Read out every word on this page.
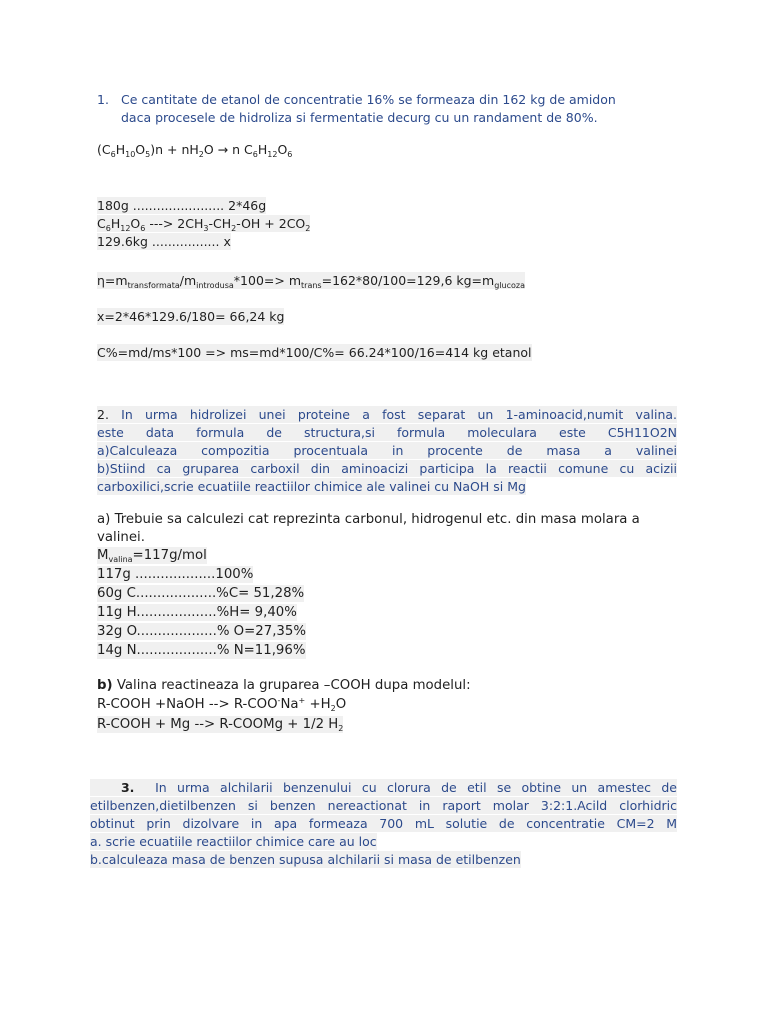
1. Ce cantitate de etanol de concentratie 16% se formeaza din 162 kg de amidon
daca procesele de hidroliza si fermentatie decurg cu un randament de 80%.
$(C_6H_{10}O_5)n + nH_2O \to n$ $C_6H_{12}O_6$
180g ....................... 2*46g
$C_6H_{12}O_6$ ---> $2CH_3-CH_2-OH + 2CO_2$
129.6kg ................. x
$\eta=m_{transformata}/m_{introdusa}*100=> m_{trans}=162*80/100=129,6$ $kg=m_{glucoza}$
x=2*46*129.6/180= 66,24 kg
C%=md/ms*100 => ms=md*100/C%= 66.24*100/16=414 kg etanol
2. In urma hidrolizei unei proteine a fost separat un 1-aminoacid,numit valina.
este data formula de structura,si formula moleculara este C5H11O2N
a)Calculeaza compozitia procentuala in procente de masa a valinei
b)Stiind ca gruparea carboxil din aminoacizi participa la reactii comune cu acizii
carboxilici,scrie ecuatiile reactiilor chimice ale valinei cu NaOH si Mg
a) Trebuie sa calculezi cat reprezinta carbonul, hidrogenul etc. din masa molara a
valinei.
$M_{valina}=117g$/mol
117g ...................100%
60g C...................%C= 51,28%
11g H...................%H= 9,40%
32g O...................% O=27,35%
14g N...................% N=11,96%
b) Valina reactineaza la gruparea –COOH dupa modelul:
R-COOH +NaOH --> $R-COO^-Na^+ +H_2O$
R-COOH + Mg --> R-COOMg + 1/2 $H_2$
3. In urma alchilarii benzenului cu clorura de etil se obtine un amestec de
etilbenzen,dietilbenzen si benzen nereactionat in raport molar 3:2:1.Acild clorhidric
obtinut prin dizolvare in apa formeaza 700 mL solutie de concentratie CM=2 M
a. scrie ecuatiile reactiilor chimice care au loc
b.calculeaza masa de benzen supusa alchilarii si masa de etilbenzen
